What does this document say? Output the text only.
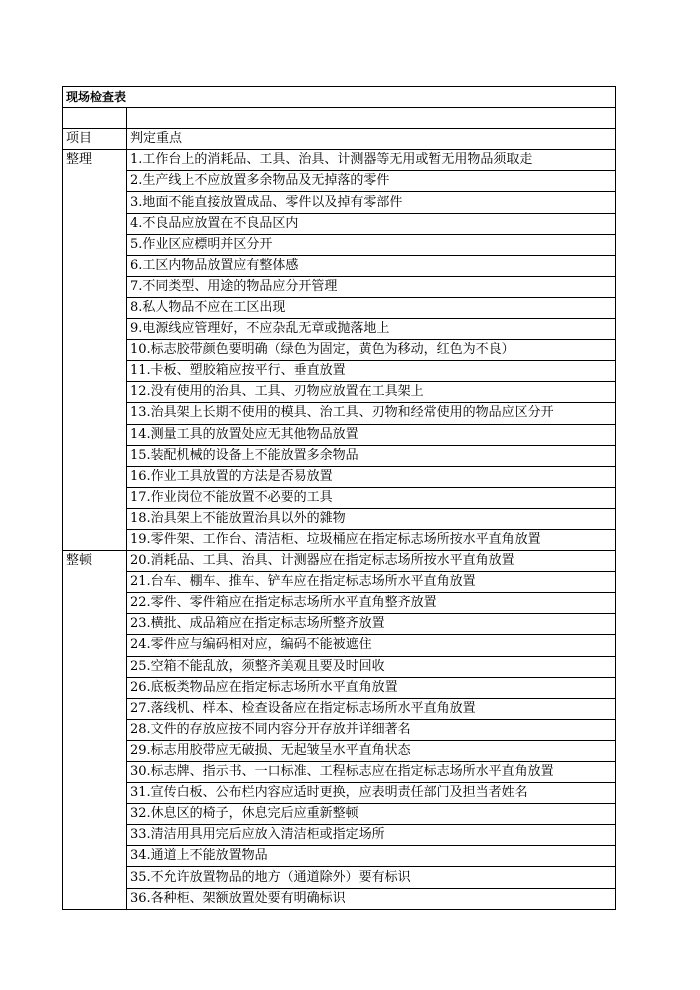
现场检查表	

项目	判定重点
整理	1.工作台上的消耗品、工具、治具、计测器等无用或暂无用物品须取走
	2.生产线上不应放置多余物品及无掉落的零件
	3.地面不能直接放置成品、零件以及掉有零部件
	4.不良品应放置在不良品区内
	5.作业区应標明并区分开
	6.工区内物品放置应有整体感
	7.不同类型、用途的物品应分开管理
	8.私人物品不应在工区出现
	9.电源线应管理好，不应杂乱无章或抛落地上
	10.标志胶带颜色要明确（绿色为固定，黄色为移动，红色为不良）
	11.卡板、塑胶箱应按平行、垂直放置
	12.没有使用的治具、工具、刃物应放置在工具架上
	13.治具架上长期不使用的模具、治工具、刃物和经常使用的物品应区分开
	14.测量工具的放置处应无其他物品放置
	15.装配机械的设备上不能放置多余物品
	16.作业工具放置的方法是否易放置
	17.作业岗位不能放置不必要的工具
	18.治具架上不能放置治具以外的雜物
	19.零件架、工作台、清洁柜、垃圾桶应在指定标志场所按水平直角放置
整顿	20.消耗品、工具、治具、计测器应在指定标志场所按水平直角放置
	21.台车、棚车、推车、铲车应在指定标志场所水平直角放置
	22.零件、零件箱应在指定标志场所水平直角整齐放置
	23.横批、成品箱应在指定标志场所整齐放置
	24.零件应与编码相对应，编码不能被遮住
	25.空箱不能乱放，须整齐美观且要及时回收
	26.底板类物品应在指定标志场所水平直角放置
	27.落线机、样本、检查设备应在指定标志场所水平直角放置
	28.文件的存放应按不同内容分开存放并详细著名
	29.标志用胶带应无破损、无起皱呈水平直角状态
	30.标志牌、指示书、一口标准、工程标志应在指定标志场所水平直角放置
	31.宣传白板、公布栏内容应适时更换，应表明责任部门及担当者姓名
	32.休息区的椅子，休息完后应重新整顿
	33.清洁用具用完后应放入清洁柜或指定场所
	34.通道上不能放置物品
	35.不允许放置物品的地方（通道除外）要有标识
	36.各种柜、架额放置处要有明确标识
